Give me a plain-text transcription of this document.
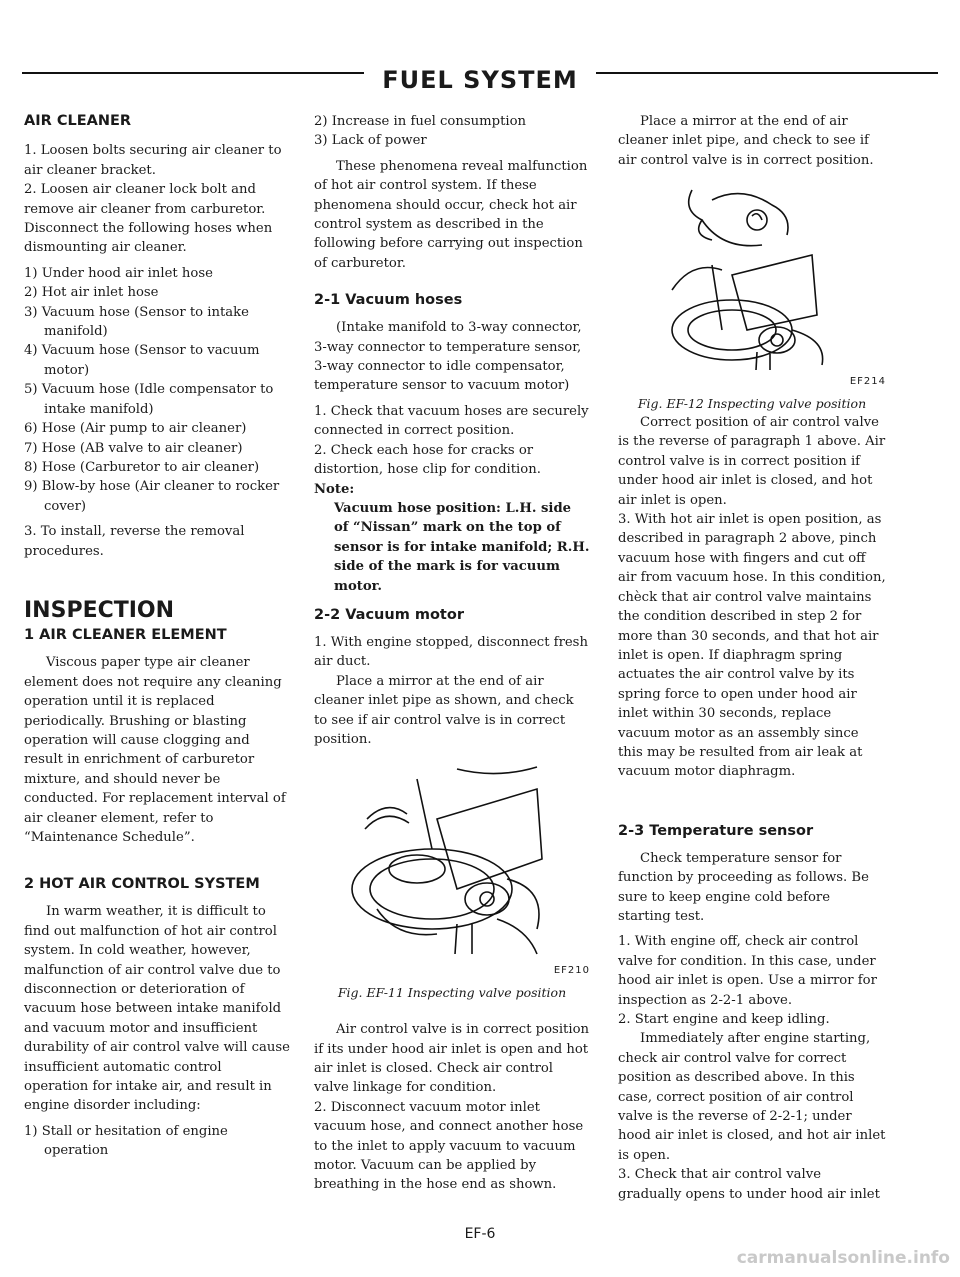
FUEL SYSTEM

AIR CLEANER

1. Loosen bolts securing air cleaner to air cleaner bracket.

2. Loosen air cleaner lock bolt and remove air cleaner from carburetor. Disconnect the following hoses when dismounting air cleaner.

1) Under hood air inlet hose

2) Hot air inlet hose

3) Vacuum hose (Sensor to intake manifold)

4) Vacuum hose (Sensor to vacuum motor)

5) Vacuum hose (Idle compensator to intake manifold)

6) Hose (Air pump to air cleaner)

7) Hose (AB valve to air cleaner)

8) Hose (Carburetor to air cleaner)

9) Blow-by hose (Air cleaner to rocker cover)

3. To install, reverse the removal procedures.

INSPECTION

1 AIR CLEANER ELEMENT

Viscous paper type air cleaner element does not require any cleaning operation until it is replaced periodically. Brushing or blasting operation will cause clogging and result in enrichment of carburetor mixture, and should never be conducted. For replacement interval of air cleaner element, refer to “Maintenance Schedule”.

2 HOT AIR CONTROL SYSTEM

In warm weather, it is difficult to find out malfunction of hot air control system. In cold weather, however, malfunction of air control valve due to disconnection or deterioration of vacuum hose between intake manifold and vacuum motor and insufficient durability of air control valve will cause insufficient automatic control operation for intake air, and result in engine disorder including:

1) Stall or hesitation of engine operation

2) Increase in fuel consumption

3) Lack of power

These phenomena reveal malfunction of hot air control system. If these phenomena should occur, check hot air control system as described in the following before carrying out inspection of carburetor.

2-1 Vacuum hoses

(Intake manifold to 3-way connector, 3-way connector to temperature sensor, 3-way connector to idle compensator, temperature sensor to vacuum motor)

1. Check that vacuum hoses are securely connected in correct position.

2. Check each hose for cracks or distortion, hose clip for condition.

Note:

Vacuum hose position: L.H. side of “Nissan” mark on the top of sensor is for intake manifold; R.H. side of the mark is for vacuum motor.

2-2 Vacuum motor

1. With engine stopped, disconnect fresh air duct.

Place a mirror at the end of air cleaner inlet pipe as shown, and check to see if air control valve is in correct position.

EF210

Fig. EF-11 Inspecting valve position

Air control valve is in correct position if its under hood air inlet is open and hot air inlet is closed. Check air control valve linkage for condition.

2. Disconnect vacuum motor inlet vacuum hose, and connect another hose to the inlet to apply vacuum to vacuum motor. Vacuum can be applied by breathing in the hose end as shown.

Place a mirror at the end of air cleaner inlet pipe, and check to see if air control valve is in correct position.

EF214

Fig. EF-12 Inspecting valve position

Correct position of air control valve is the reverse of paragraph 1 above. Air control valve is in correct position if under hood air inlet is closed, and hot air inlet is open.

3. With hot air inlet is open position, as described in paragraph 2 above, pinch vacuum hose with fingers and cut off air from vacuum hose. In this condition, chèck that air control valve maintains the condition described in step 2 for more than 30 seconds, and that hot air inlet is open. If diaphragm spring actuates the air control valve by its spring force to open under hood air inlet within 30 seconds, replace vacuum motor as an assembly since this may be resulted from air leak at vacuum motor diaphragm.

2-3 Temperature sensor

Check temperature sensor for function by proceeding as follows. Be sure to keep engine cold before starting test.

1. With engine off, check air control valve for condition. In this case, under hood air inlet is open. Use a mirror for inspection as 2-2-1 above.

2. Start engine and keep idling.

Immediately after engine starting, check air control valve for correct position as described above. In this case, correct position of air control valve is the reverse of 2-2-1; under hood air inlet is closed, and hot air inlet is open.

3. Check that air control valve gradually opens to under hood air inlet

EF-6
carmanualsonline.info
